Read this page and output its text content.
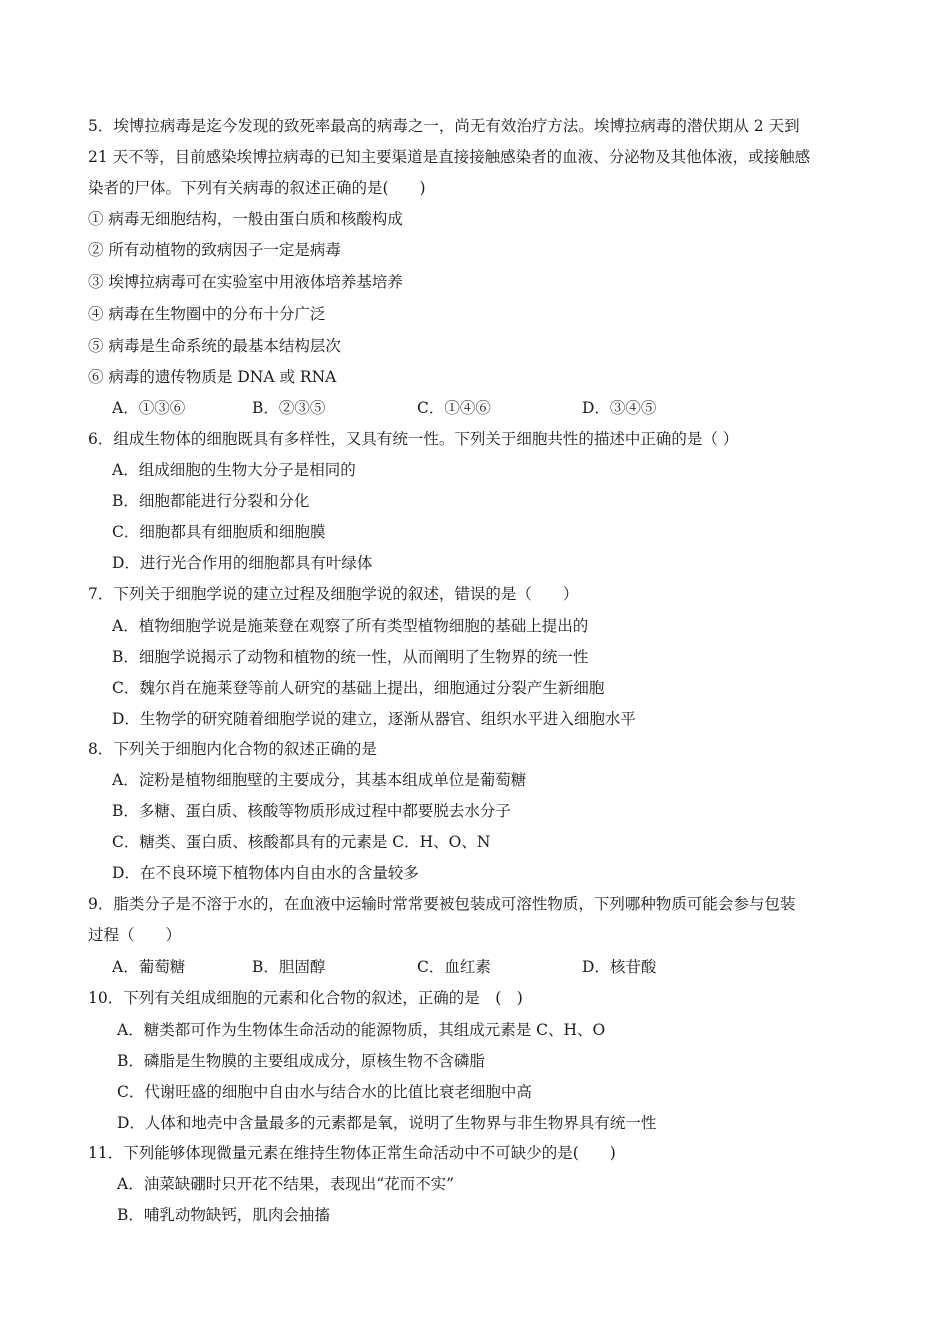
5．埃博拉病毒是迄今发现的致死率最高的病毒之一，尚无有效治疗方法。埃博拉病毒的潜伏期从 2 天到
21 天不等，目前感染埃博拉病毒的已知主要渠道是直接接触感染者的血液、分泌物及其他体液，或接触感
染者的尸体。下列有关病毒的叙述正确的是(　　)
① 病毒无细胞结构，一般由蛋白质和核酸构成
② 所有动植物的致病因子一定是病毒
③ 埃博拉病毒可在实验室中用液体培养基培养
④ 病毒在生物圈中的分布十分广泛
⑤ 病毒是生命系统的最基本结构层次
⑥ 病毒的遗传物质是 DNA 或 RNA
A．①③⑥	B．②③⑤	C．①④⑥	D．③④⑤
6．组成生物体的细胞既具有多样性，又具有统一性。下列关于细胞共性的描述中正确的是（ ）
A．组成细胞的生物大分子是相同的
B．细胞都能进行分裂和分化
C．细胞都具有细胞质和细胞膜
D．进行光合作用的细胞都具有叶绿体
7．下列关于细胞学说的建立过程及细胞学说的叙述，错误的是（　　）
A．植物细胞学说是施莱登在观察了所有类型植物细胞的基础上提出的
B．细胞学说揭示了动物和植物的统一性，从而阐明了生物界的统一性
C．魏尔肖在施莱登等前人研究的基础上提出，细胞通过分裂产生新细胞
D．生物学的研究随着细胞学说的建立，逐渐从器官、组织水平进入细胞水平
8．下列关于细胞内化合物的叙述正确的是
A．淀粉是植物细胞壁的主要成分，其基本组成单位是葡萄糖
B．多糖、蛋白质、核酸等物质形成过程中都要脱去水分子
C．糖类、蛋白质、核酸都具有的元素是 C．H、O、N
D．在不良环境下植物体内自由水的含量较多
9．脂类分子是不溶于水的，在血液中运输时常常要被包装成可溶性物质，下列哪种物质可能会参与包装
过程（　　）
A．葡萄糖	B．胆固醇	C．血红素	D．核苷酸
10．下列有关组成细胞的元素和化合物的叙述，正确的是　(　)
A．糖类都可作为生物体生命活动的能源物质，其组成元素是 C、H、O
B．磷脂是生物膜的主要组成成分，原核生物不含磷脂
C．代谢旺盛的细胞中自由水与结合水的比值比衰老细胞中高
D．人体和地壳中含量最多的元素都是氧，说明了生物界与非生物界具有统一性
11．下列能够体现微量元素在维持生物体正常生命活动中不可缺少的是(　　)
A．油菜缺硼时只开花不结果，表现出“花而不实”
B．哺乳动物缺钙，肌肉会抽搐
